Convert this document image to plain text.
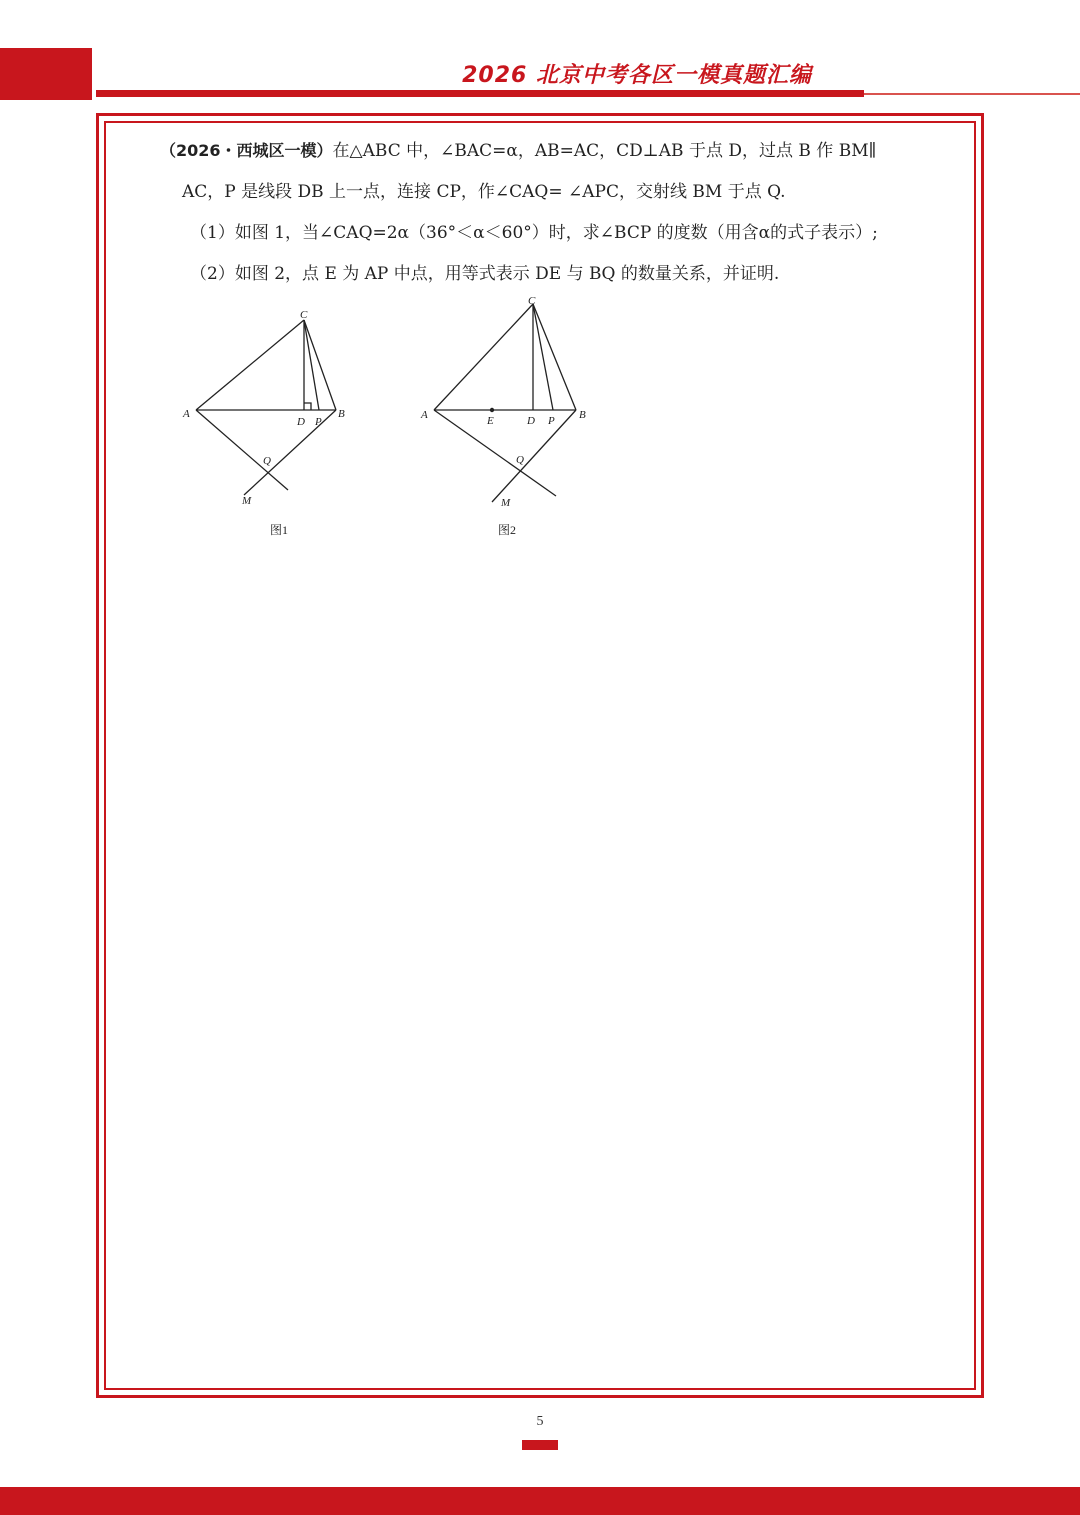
2026 北京中考各区一模真题汇编

（2026・西城区一模）在△ABC 中，∠BAC=α，AB=AC，CD⊥AB 于点 D，过点 B 作 BM∥

AC，P 是线段 DB 上一点，连接 CP，作∠CAQ= ∠APC，交射线 BM 于点 Q.

（1）如图 1，当∠CAQ=2α（36°＜α＜60°）时，求∠BCP 的度数（用含α的式子表示）;

（2）如图 2，点 E 为 AP 中点，用等式表示 DE 与 BQ 的数量关系，并证明.

C
A
D P
B
Q
M
图1
C
A	E	D P B
Q
M
图2
5
